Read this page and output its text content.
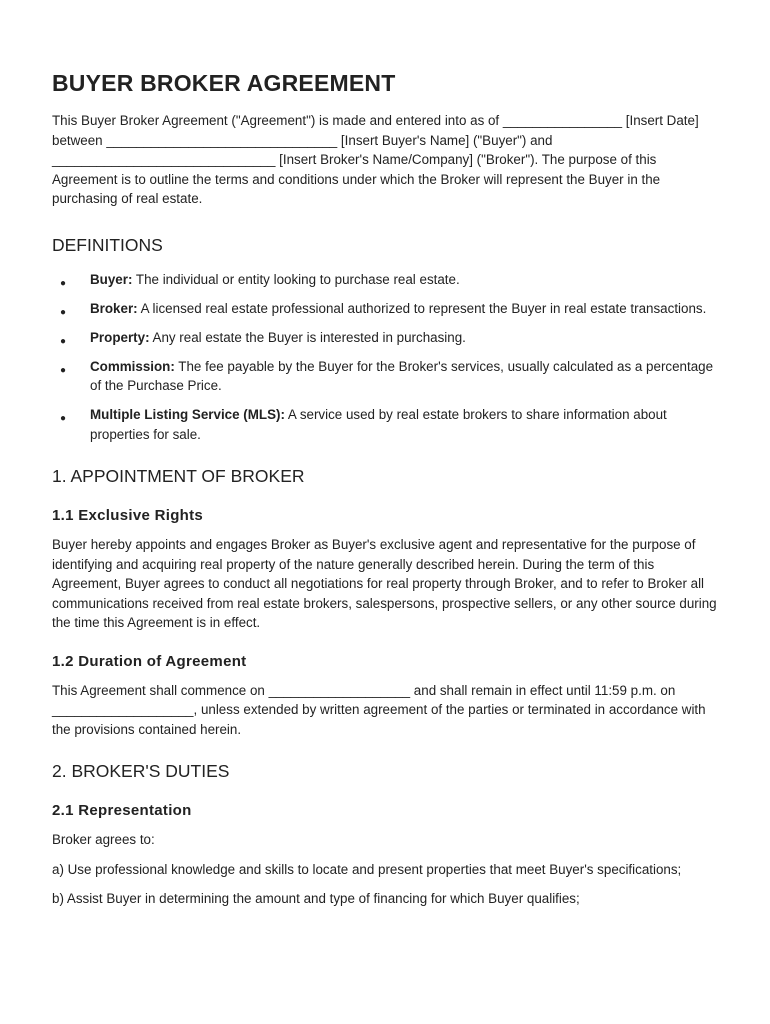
BUYER BROKER AGREEMENT

This Buyer Broker Agreement ("Agreement") is made and entered into as of ________________ [Insert Date] between _______________________________ [Insert Buyer's Name] ("Buyer") and ______________________________ [Insert Broker's Name/Company] ("Broker"). The purpose of this Agreement is to outline the terms and conditions under which the Broker will represent the Buyer in the purchasing of real estate.

DEFINITIONS
● Buyer: The individual or entity looking to purchase real estate.
● Broker: A licensed real estate professional authorized to represent the Buyer in real estate transactions.
● Property: Any real estate the Buyer is interested in purchasing.
● Commission: The fee payable by the Buyer for the Broker's services, usually calculated as a percentage of the Purchase Price.
● Multiple Listing Service (MLS): A service used by real estate brokers to share information about properties for sale.
1. APPOINTMENT OF BROKER
1.1 Exclusive Rights

Buyer hereby appoints and engages Broker as Buyer's exclusive agent and representative for the purpose of identifying and acquiring real property of the nature generally described herein. During the term of this Agreement, Buyer agrees to conduct all negotiations for real property through Broker, and to refer to Broker all communications received from real estate brokers, salespersons, prospective sellers, or any other source during the time this Agreement is in effect.

1.2 Duration of Agreement

This Agreement shall commence on ___________________ and shall remain in effect until 11:59 p.m. on ___________________, unless extended by written agreement of the parties or terminated in accordance with the provisions contained herein.

2. BROKER'S DUTIES
2.1 Representation

Broker agrees to:

a) Use professional knowledge and skills to locate and present properties that meet Buyer's specifications;

b) Assist Buyer in determining the amount and type of financing for which Buyer qualifies;
